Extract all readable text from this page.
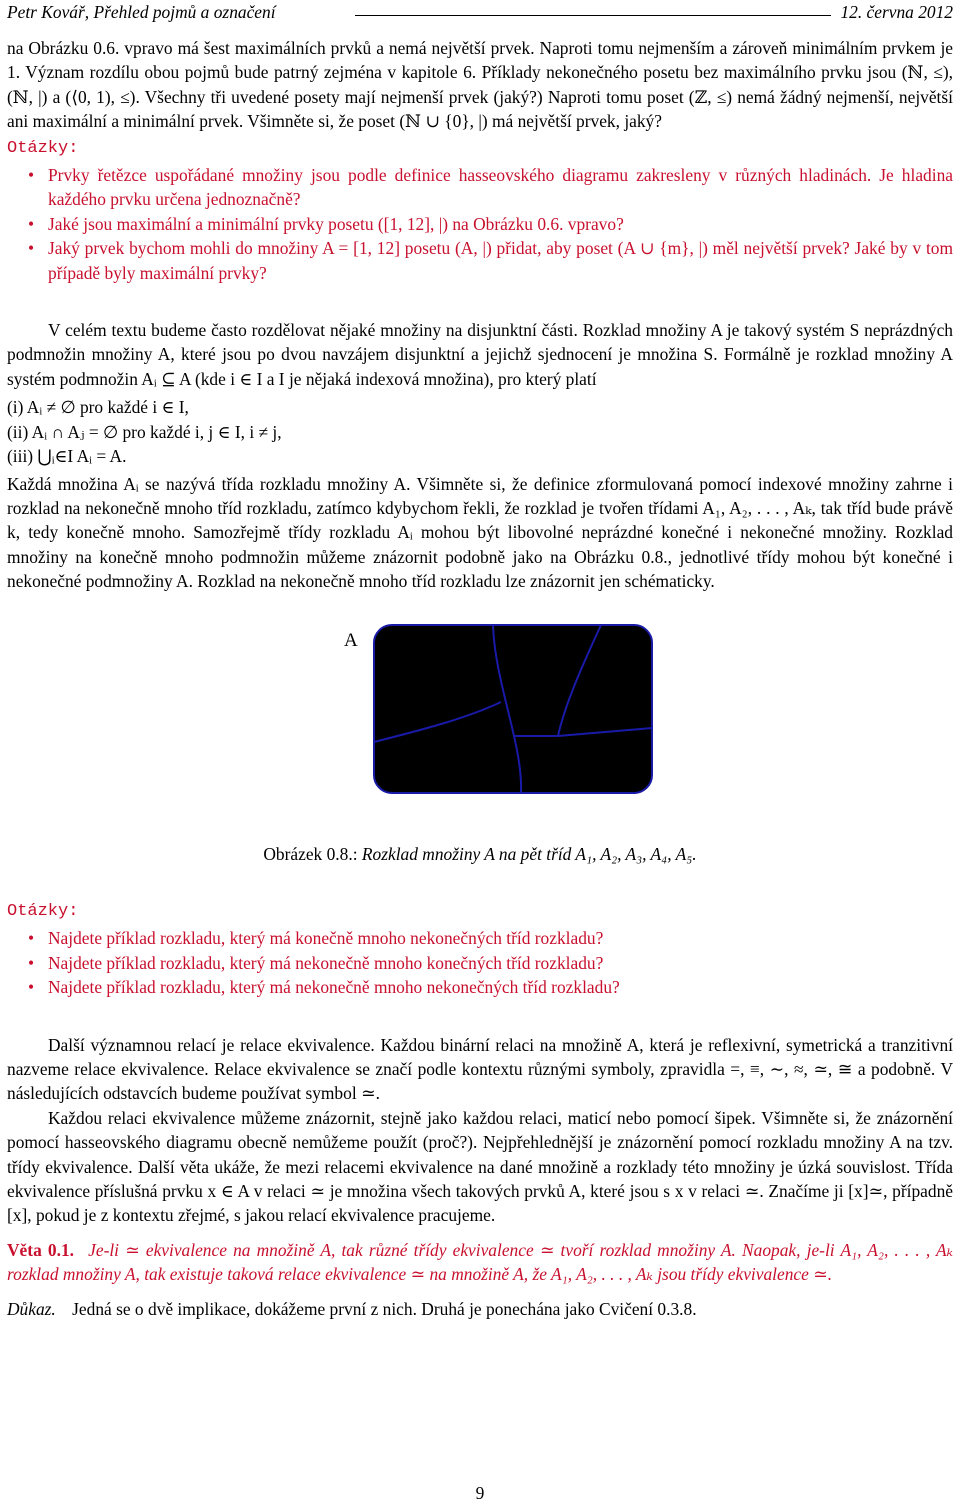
Petr Kovář, Přehled pojmů a označení	12. června 2012

na Obrázku 0.6. vpravo má šest maximálních prvků a nemá největší prvek. Naproti tomu nejmenším a zároveň minimálním prvkem je 1. Význam rozdílu obou pojmů bude patrný zejména v kapitole 6. Příklady nekonečného posetu bez maximálního prvku jsou (ℕ, ≤), (ℕ, |) a (⟨0, 1), ≤). Všechny tři uvedené posety mají nejmenší prvek (jaký?) Naproti tomu poset (ℤ, ≤) nemá žádný nejmenší, největší ani maximální a minimální prvek. Všimněte si, že poset (ℕ ∪ {0}, |) má největší prvek, jaký?

Otázky:
• Prvky řetězce uspořádané množiny jsou podle definice hasseovského diagramu zakresleny v různých hladinách. Je hladina každého prvku určena jednoznačně?
• Jaké jsou maximální a minimální prvky posetu ([1, 12], |) na Obrázku 0.6. vpravo?
• Jaký prvek bychom mohli do množiny A = [1, 12] posetu (A, |) přidat, aby poset (A ∪ {m}, |) měl největší prvek? Jaké by v tom případě byly maximální prvky?

V celém textu budeme často rozdělovat nějaké množiny na disjunktní části. Rozklad množiny A je takový systém S neprázdných podmnožin množiny A, které jsou po dvou navzájem disjunktní a jejichž sjednocení je množina S. Formálně je rozklad množiny A systém podmnožin Aᵢ ⊆ A (kde i ∈ I a I je nějaká indexová množina), pro který platí

(i) Aᵢ ≠ ∅ pro každé i ∈ I,
(ii) Aᵢ ∩ Aⱼ = ∅ pro každé i, j ∈ I, i ≠ j,
(iii) ⋃ᵢ∈I Aᵢ = A.

Každá množina Aᵢ se nazývá třída rozkladu množiny A. Všimněte si, že definice zformulovaná pomocí indexové množiny zahrne i rozklad na nekonečně mnoho tříd rozkladu, zatímco kdybychom řekli, že rozklad je tvořen třídami A₁, A₂, . . . , Aₖ, tak tříd bude právě k, tedy konečně mnoho. Samozřejmě třídy rozkladu Aᵢ mohou být libovolné neprázdné konečné i nekonečné množiny. Rozklad množiny na konečně mnoho podmnožin můžeme znázornit podobně jako na Obrázku 0.8., jednotlivé třídy mohou být konečné i nekonečné podmnožiny A. Rozklad na nekonečně mnoho tříd rozkladu lze znázornit jen schématicky.

A
Obrázek 0.8.: Rozklad množiny A na pět tříd A₁, A₂, A₃, A₄, A₅.
Otázky:
• Najdete příklad rozkladu, který má konečně mnoho nekonečných tříd rozkladu?
• Najdete příklad rozkladu, který má nekonečně mnoho konečných tříd rozkladu?
• Najdete příklad rozkladu, který má nekonečně mnoho nekonečných tříd rozkladu?

Další významnou relací je relace ekvivalence. Každou binární relaci na množině A, která je reflexivní, symetrická a tranzitivní nazveme relace ekvivalence. Relace ekvivalence se značí podle kontextu různými symboly, zpravidla =, ≡, ∼, ≈, ≃, ≅ a podobně. V následujících odstavcích budeme používat symbol ≃.

Každou relaci ekvivalence můžeme znázornit, stejně jako každou relaci, maticí nebo pomocí šipek. Všimněte si, že znázornění pomocí hasseovského diagramu obecně nemůžeme použít (proč?). Nejpřehlednější je znázornění pomocí rozkladu množiny A na tzv. třídy ekvivalence. Další věta ukáže, že mezi relacemi ekvivalence na dané množině a rozklady této množiny je úzká souvislost. Třída ekvivalence příslušná prvku x ∈ A v relaci ≃ je množina všech takových prvků A, které jsou s x v relaci ≃. Značíme ji [x]≃, případně [x], pokud je z kontextu zřejmé, s jakou relací ekvivalence pracujeme.

Věta 0.1. Je-li ≃ ekvivalence na množině A, tak různé třídy ekvivalence ≃ tvoří rozklad množiny A. Naopak, je-li A₁, A₂, . . . , Aₖ rozklad množiny A, tak existuje taková relace ekvivalence ≃ na množině A, že A₁, A₂, . . . , Aₖ jsou třídy ekvivalence ≃.

Důkaz. Jedná se o dvě implikace, dokážeme první z nich. Druhá je ponechána jako Cvičení 0.3.8.

9
